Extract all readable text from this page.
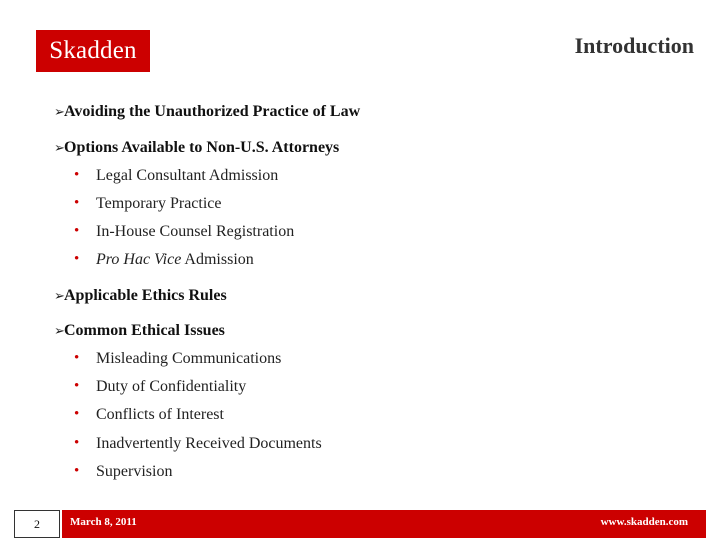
Skadden	Introduction
➢ Avoiding the Unauthorized Practice of Law
➢ Options Available to Non-U.S. Attorneys
• Legal Consultant Admission
• Temporary Practice
• In-House Counsel Registration
• Pro Hac Vice Admission
➢ Applicable Ethics Rules
➢ Common Ethical Issues
• Misleading Communications
• Duty of Confidentiality
• Conflicts of Interest
• Inadvertently Received Documents
• Supervision
2	March 8, 2011	www.skadden.com
